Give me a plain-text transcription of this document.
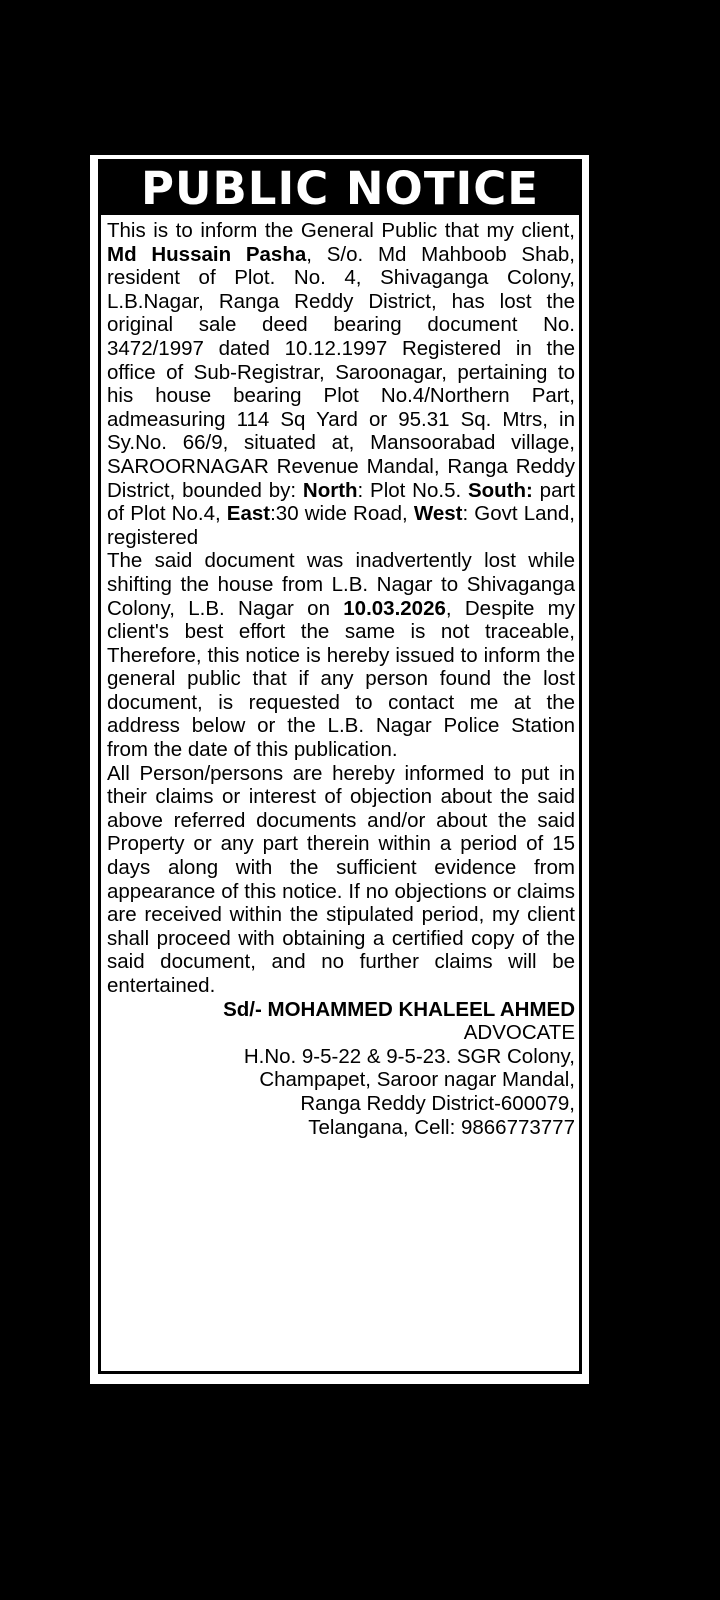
PUBLIC NOTICE

This is to inform the General Public that my client, Md Hussain Pasha, S/o. Md Mahboob Shab, resident of Plot. No. 4, Shivaganga Colony, L.B.Nagar, Ranga Reddy District, has lost the original sale deed bearing document No. 3472/1997 dated 10.12.1997 Registered in the office of Sub-Registrar, Saroonagar, pertaining to his house bearing Plot No.4/Northern Part, admeasuring 114 Sq Yard or 95.31 Sq. Mtrs, in Sy.No. 66/9, situated at, Mansoorabad village, SAROORNAGAR Revenue Mandal, Ranga Reddy District, bounded by: North: Plot No.5. South: part of Plot No.4, East:30 wide Road, West: Govt Land, registered

The said document was inadvertently lost while shifting the house from L.B. Nagar to Shivaganga Colony, L.B. Nagar on 10.03.2026, Despite my client's best effort the same is not traceable, Therefore, this notice is hereby issued to inform the general public that if any person found the lost document, is requested to contact me at the address below or the L.B. Nagar Police Station from the date of this publication.

All Person/persons are hereby informed to put in their claims or interest of objection about the said above referred documents and/or about the said Property or any part therein within a period of 15 days along with the sufficient evidence from appearance of this notice. If no objections or claims are received within the stipulated period, my client shall proceed with obtaining a certified copy of the said document, and no further claims will be entertained.

Sd/- MOHAMMED KHALEEL AHMED
ADVOCATE
H.No. 9-5-22 & 9-5-23. SGR Colony,
Champapet, Saroor nagar Mandal,
Ranga Reddy District-600079,
Telangana, Cell: 9866773777
